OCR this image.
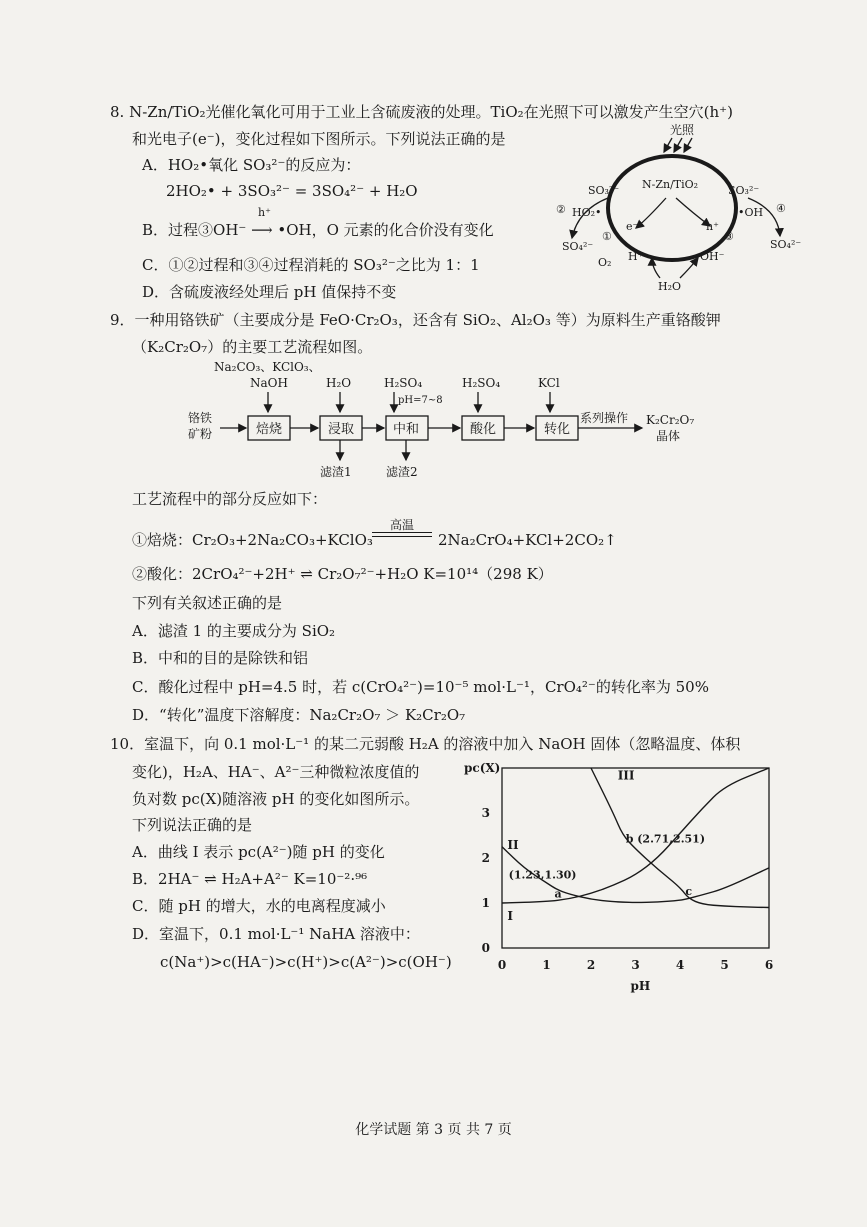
8. N-Zn/TiO₂光催化氧化可用于工业上含硫废液的处理。TiO₂在光照下可以激发产生空穴(h⁺)
和光电子(e⁻)，变化过程如下图所示。下列说法正确的是
A．HO₂•氧化 SO₃²⁻的反应为：
2HO₂• + 3SO₃²⁻ = 3SO₄²⁻ + H₂O
B．过程③OH⁻ ⟶ •OH，O 元素的化合价没有变化
h⁺
C．①②过程和③④过程消耗的 SO₃²⁻之比为 1：1
D．含硫废液经处理后 pH 值保持不变
光照
N-Zn/TiO₂
e⁻	h⁺
SO₃²⁻
HO₂•
②
SO₄²⁻
①
O₂ H⁺
SO₃²⁻
•OH ④
SO₄²⁻
③
OH⁻
H₂O
9．一种用铬铁矿（主要成分是 FeO·Cr₂O₃，还含有 SiO₂、Al₂O₃ 等）为原料生产重铬酸钾
（K₂Cr₂O₇）的主要工艺流程如图。
Na₂CO₃、KClO₃、
NaOH	H₂O	H₂SO₄
pH=7~8
H₂SO₄	KCl
铬铁
矿粉	焙烧	浸取	中和	酸化	转化
系列操作 K₂Cr₂O₇
晶体
滤渣1	滤渣2
工艺流程中的部分反应如下：
①焙烧：Cr₂O₃+2Na₂CO₃+KClO₃
高温
2Na₂CrO₄+KCl+2CO₂↑
②酸化：2CrO₄²⁻+2H⁺ ⇌ Cr₂O₇²⁻+H₂O K=10¹⁴（298 K）
下列有关叙述正确的是
A．滤渣 1 的主要成分为 SiO₂
B．中和的目的是除铁和铝
C．酸化过程中 pH=4.5 时，若 c(CrO₄²⁻)=10⁻⁵ mol·L⁻¹，CrO₄²⁻的转化率为 50%
D．“转化”温度下溶解度：Na₂Cr₂O₇ ＞ K₂Cr₂O₇
10．室温下，向 0.1 mol·L⁻¹ 的某二元弱酸 H₂A 的溶液中加入 NaOH 固体（忽略温度、体积
变化)，H₂A、HA⁻、A²⁻三种微粒浓度值的
负对数 pc(X)随溶液 pH 的变化如图所示。
下列说法正确的是
A．曲线 I 表示 pc(A²⁻)随 pH 的变化
B．2HA⁻ ⇌ H₂A+A²⁻ K=10⁻²·⁹⁶
C．随 pH 的增大，水的电离程度减小
D．室温下，0.1 mol·L⁻¹ NaHA 溶液中：
c(Na⁺)>c(HA⁻)>c(H⁺)>c(A²⁻)>c(OH⁻)	0	1	2	3	4	5	6
0
1
2
3
pc(X)
pH
I
II
III
(1.23,1.30)
a
b (2.71,2.51)
c
化学试题 第 3 页 共 7 页
